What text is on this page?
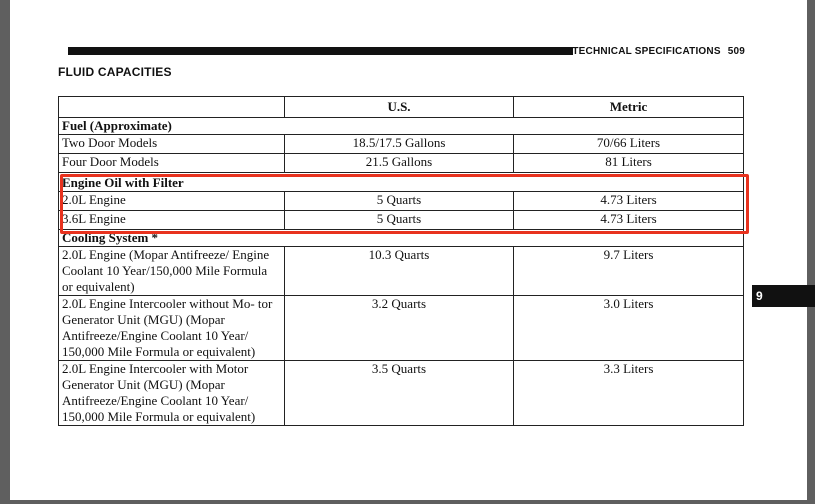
TECHNICAL SPECIFICATIONS 509
FLUID CAPACITIES
	U.S.	Metric
Fuel (Approximate)		
Two Door Models	18.5/17.5 Gallons	70/66 Liters
Four Door Models	21.5 Gallons	81 Liters
Engine Oil with Filter		
2.0L Engine	5 Quarts	4.73 Liters
3.6L Engine	5 Quarts	4.73 Liters
Cooling System *		
2.0L Engine (Mopar Antifreeze/ Engine Coolant 10 Year/150,000 Mile Formula or equivalent)	10.3 Quarts	9.7 Liters
2.0L Engine Intercooler without Mo- tor Generator Unit (MGU) (Mopar Antifreeze/Engine Coolant 10 Year/ 150,000 Mile Formula or equivalent)	3.2 Quarts	3.0 Liters
2.0L Engine Intercooler with Motor Generator Unit (MGU) (Mopar Antifreeze/Engine Coolant 10 Year/ 150,000 Mile Formula or equivalent)	3.5 Quarts	3.3 Liters
9
